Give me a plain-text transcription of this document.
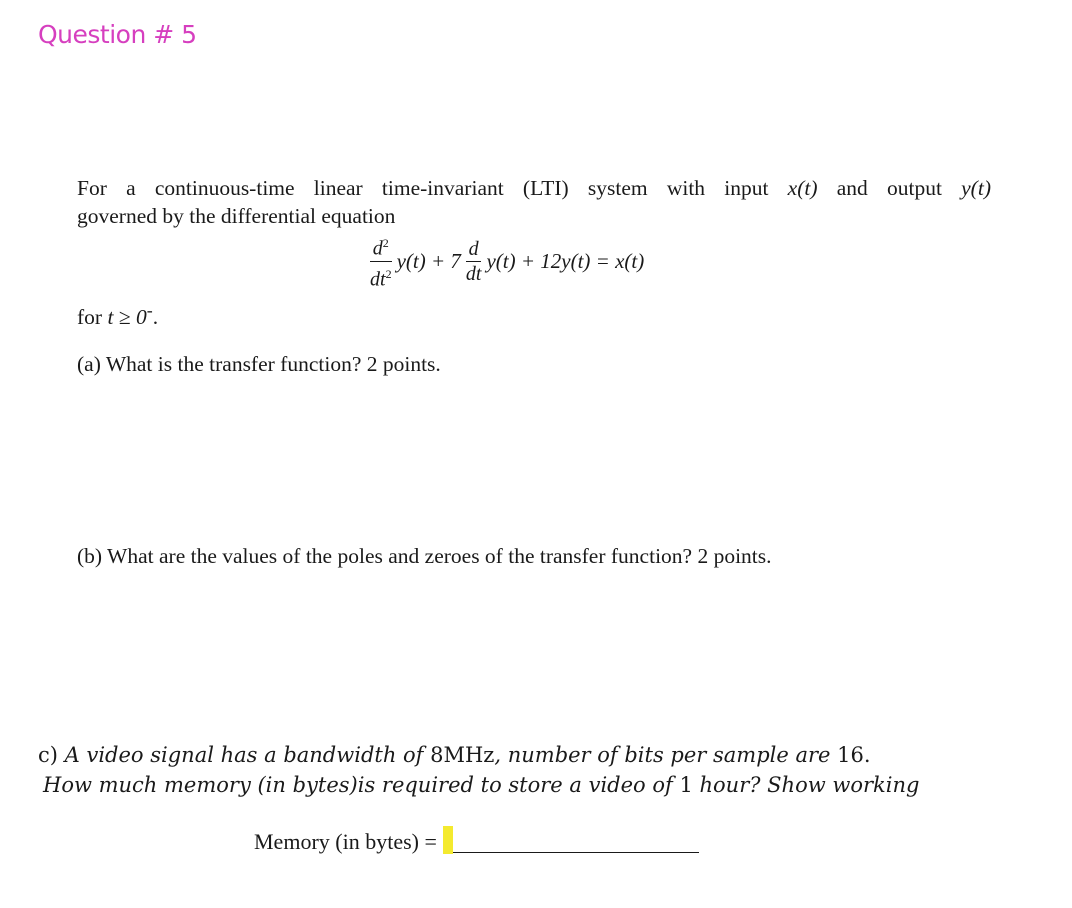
Question # 5
For a continuous-time linear time-invariant (LTI) system with input x(t) and output y(t)
governed by the differential equation
$\frac{d^2}{dt^2} y(t) + 7 \frac{d}{dt} y(t) + 12y(t) = x(t)$
for t ≥ 0-.
(a) What is the transfer function? 2 points.
(b) What are the values of the poles and zeroes of the transfer function? 2 points.
c) A video signal has a bandwidth of 8MHz, number of bits per sample are 16.
How much memory (in bytes)is required to store a video of 1 hour? Show working
Memory (in bytes) =
